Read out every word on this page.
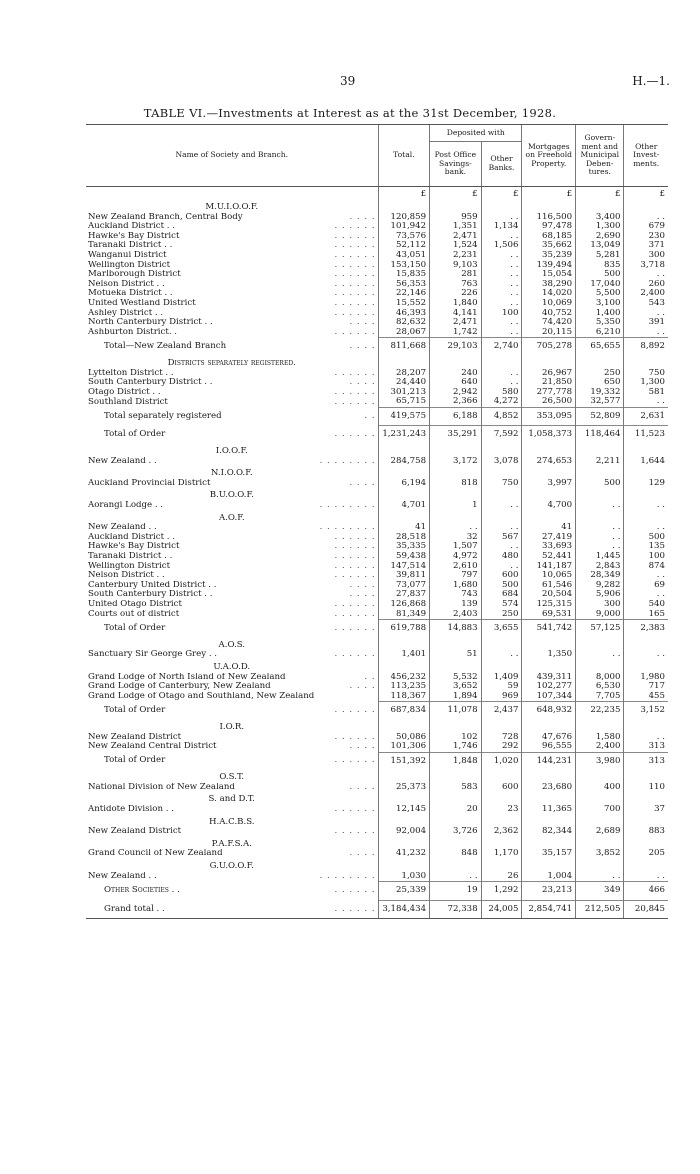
39	H.—1.
TABLE VI.—Investments at Interest as at the 31st December, 1928.
Name of Society and Branch.	Total.	Deposited with		Mortgages on Freehold Property.	Govern-ment and Municipal Deben-tures.	Other Invest-ments.
		Post Office Savings-bank.	Other Banks.			
	£	£	£	£	£	£
M.U.I.O.O.F.						
New Zealand Branch, Central Body . . . .	120,859	959	. .	116,500	3,400	. .
Auckland District . . . . . . . .	101,942	1,351	1,134	97,478	1,300	679
Hawke's Bay District . . . . . .	73,576	2,471	. .	68,185	2,690	230
Taranaki District . . . . . . . .	52,112	1,524	1,506	35,662	13,049	371
Wanganui District . . . . . .	43,051	2,231	. .	35,239	5,281	300
Wellington District . . . . . .	153,150	9,103	. .	139,494	835	3,718
Marlborough District . . . . . .	15,835	281	. .	15,054	500	. .
Nelson District . . . . . . . .	56,353	763	. .	38,290	17,040	260
Motueka District . . . . . . . .	22,146	226	. .	14,020	5,500	2,400
United Westland District . . . . . .	15,552	1,840	. .	10,069	3,100	543
Ashley District . . . . . . . .	46,393	4,141	100	40,752	1,400	. .
North Canterbury District . . . . . .	82,632	2,471	. .	74,420	5,350	391
Ashburton District. . . . . . . .	28,067	1,742	. .	20,115	6,210	. .
Total—New Zealand Branch . . . .	811,668	29,103	2,740	705,278	65,655	8,892
Districts separately registered.						
Lyttelton District . . . . . . . .	28,207	240	. .	26,967	250	750
South Canterbury District . . . . . .	24,440	640	. .	21,850	650	1,300
Otago District . . . . . . . .	301,213	2,942	580	277,778	19,332	581
Southland District . . . . . .	65,715	2,366	4,272	26,500	32,577	. .
Total separately registered . .	419,575	6,188	4,852	353,095	52,809	2,631
Total of Order . . . . . .	1,231,243	35,291	7,592	1,058,373	118,464	11,523
I.O.O.F.						
New Zealand . . . . . . . . . .	284,758	3,172	3,078	274,653	2,211	1,644
N.I.O.O.F.						
Auckland Provincial District . . . .	6,194	818	750	3,997	500	129
B.U.O.O.F.						
Aorangi Lodge . . . . . . . . . .	4,701	1	. .	4,700	. .	. .
A.O.F.						
New Zealand . . . . . . . . . .	41	. .	. .	41	. .	. .
Auckland District . . . . . . . .	28,518	32	567	27,419	. .	500
Hawke's Bay District . . . . . .	35,335	1,507	. .	33,693	. .	135
Taranaki District . . . . . . . .	59,438	4,972	480	52,441	1,445	100
Wellington District . . . . . .	147,514	2,610	. .	141,187	2,843	874
Nelson District . . . . . . . .	39,811	797	600	10,065	28,349	. .
Canterbury United District . . . . . .	73,077	1,680	500	61,546	9,282	69
South Canterbury District . . . . . .	27,837	743	684	20,504	5,906	. .
United Otago District . . . . . .	126,868	139	574	125,315	300	540
Courts out of district . . . . . .	81,349	2,403	250	69,531	9,000	165
Total of Order . . . . . .	619,788	14,883	3,655	541,742	57,125	2,383
A.O.S.						
Sanctuary Sir George Grey . . . . . . . .	1,401	51	. .	1,350	. .	. .
U.A.O.D.						
Grand Lodge of North Island of New Zealand . .	456,232	5,532	1,409	439,311	8,000	1,980
Grand Lodge of Canterbury, New Zealand . . . .	113,235	3,652	59	102,277	6,530	717
Grand Lodge of Otago and Southland, New Zealand	118,367	1,894	969	107,344	7,705	455
Total of Order . . . . . .	687,834	11,078	2,437	648,932	22,235	3,152
I.O.R.						
New Zealand District . . . . . .	50,086	102	728	47,676	1,580	. .
New Zealand Central District . . . .	101,306	1,746	292	96,555	2,400	313
Total of Order . . . . . .	151,392	1,848	1,020	144,231	3,980	313
O.S.T.						
National Division of New Zealand . . . .	25,373	583	600	23,680	400	110
S. and D.T.						
Antidote Division . . . . . . . .	12,145	20	23	11,365	700	37
H.A.C.B.S.						
New Zealand District . . . . . .	92,004	3,726	2,362	82,344	2,689	883
P.A.F.S.A.						
Grand Council of New Zealand . . . .	41,232	848	1,170	35,157	3,852	205
G.U.O.O.F.						
New Zealand . . . . . . . . . .	1,030	. .	26	1,004	. .	. .
Other Societies . . . . . . . .	25,339	19	1,292	23,213	349	466
Grand total . . . . . . . .	3,184,434	72,338	24,005	2,854,741	212,505	20,845
